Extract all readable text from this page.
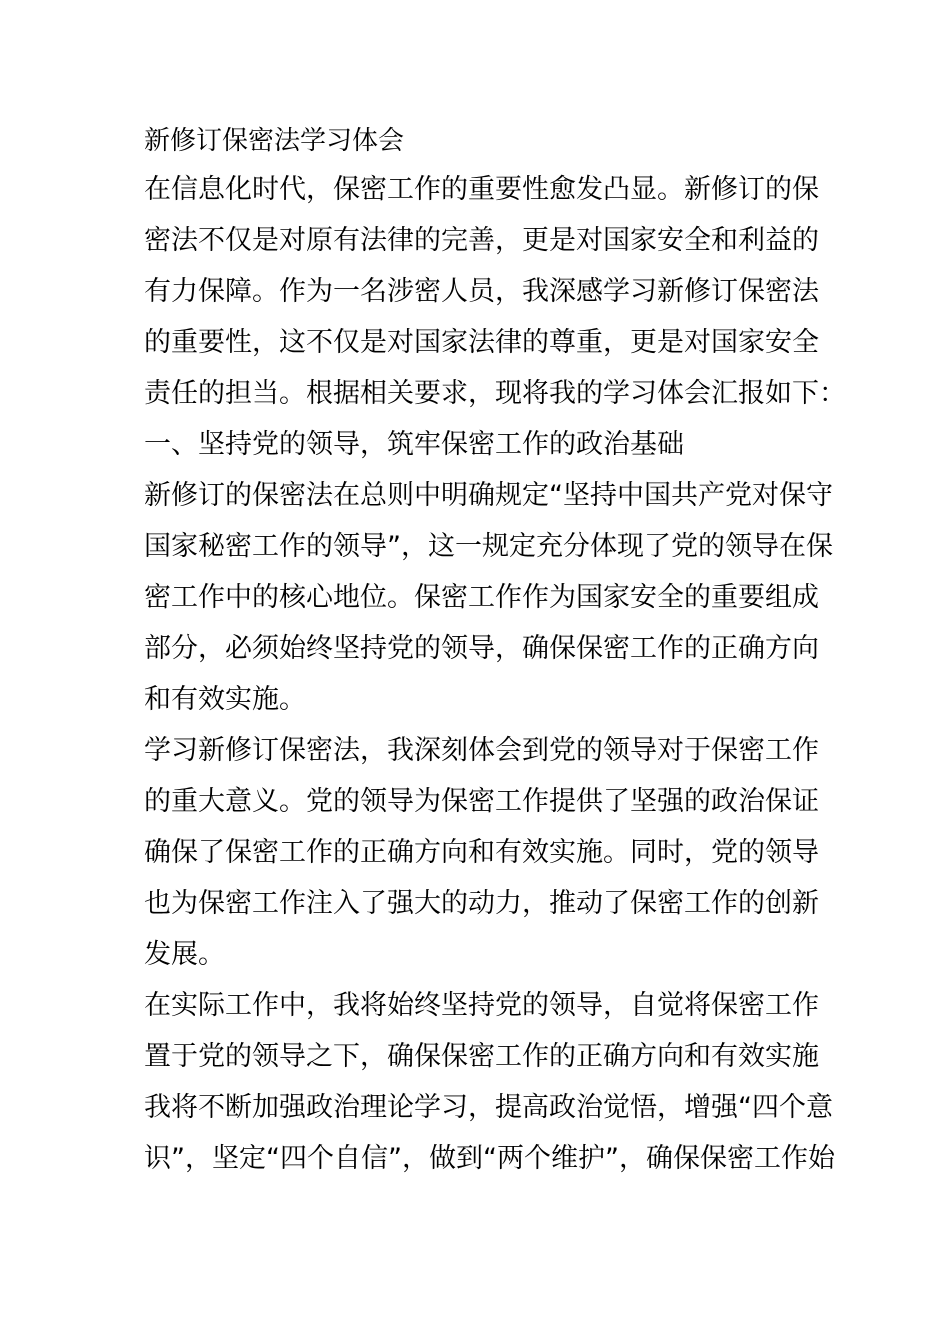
新修订保密法学习体会

在信息化时代，保密工作的重要性愈发凸显。新修订的保

密法不仅是对原有法律的完善，更是对国家安全和利益的

有力保障。作为一名涉密人员，我深感学习新修订保密法

的重要性，这不仅是对国家法律的尊重，更是对国家安全

责任的担当。根据相关要求，现将我的学习体会汇报如下：

一、坚持党的领导，筑牢保密工作的政治基础

新修订的保密法在总则中明确规定“坚持中国共产党对保守

国家秘密工作的领导”，这一规定充分体现了党的领导在保

密工作中的核心地位。保密工作作为国家安全的重要组成

部分，必须始终坚持党的领导，确保保密工作的正确方向

和有效实施。

学习新修订保密法，我深刻体会到党的领导对于保密工作

的重大意义。党的领导为保密工作提供了坚强的政治保证

确保了保密工作的正确方向和有效实施。同时，党的领导

也为保密工作注入了强大的动力，推动了保密工作的创新

发展。

在实际工作中，我将始终坚持党的领导，自觉将保密工作

置于党的领导之下，确保保密工作的正确方向和有效实施

我将不断加强政治理论学习，提高政治觉悟，增强“四个意

识”，坚定“四个自信”，做到“两个维护”，确保保密工作始
